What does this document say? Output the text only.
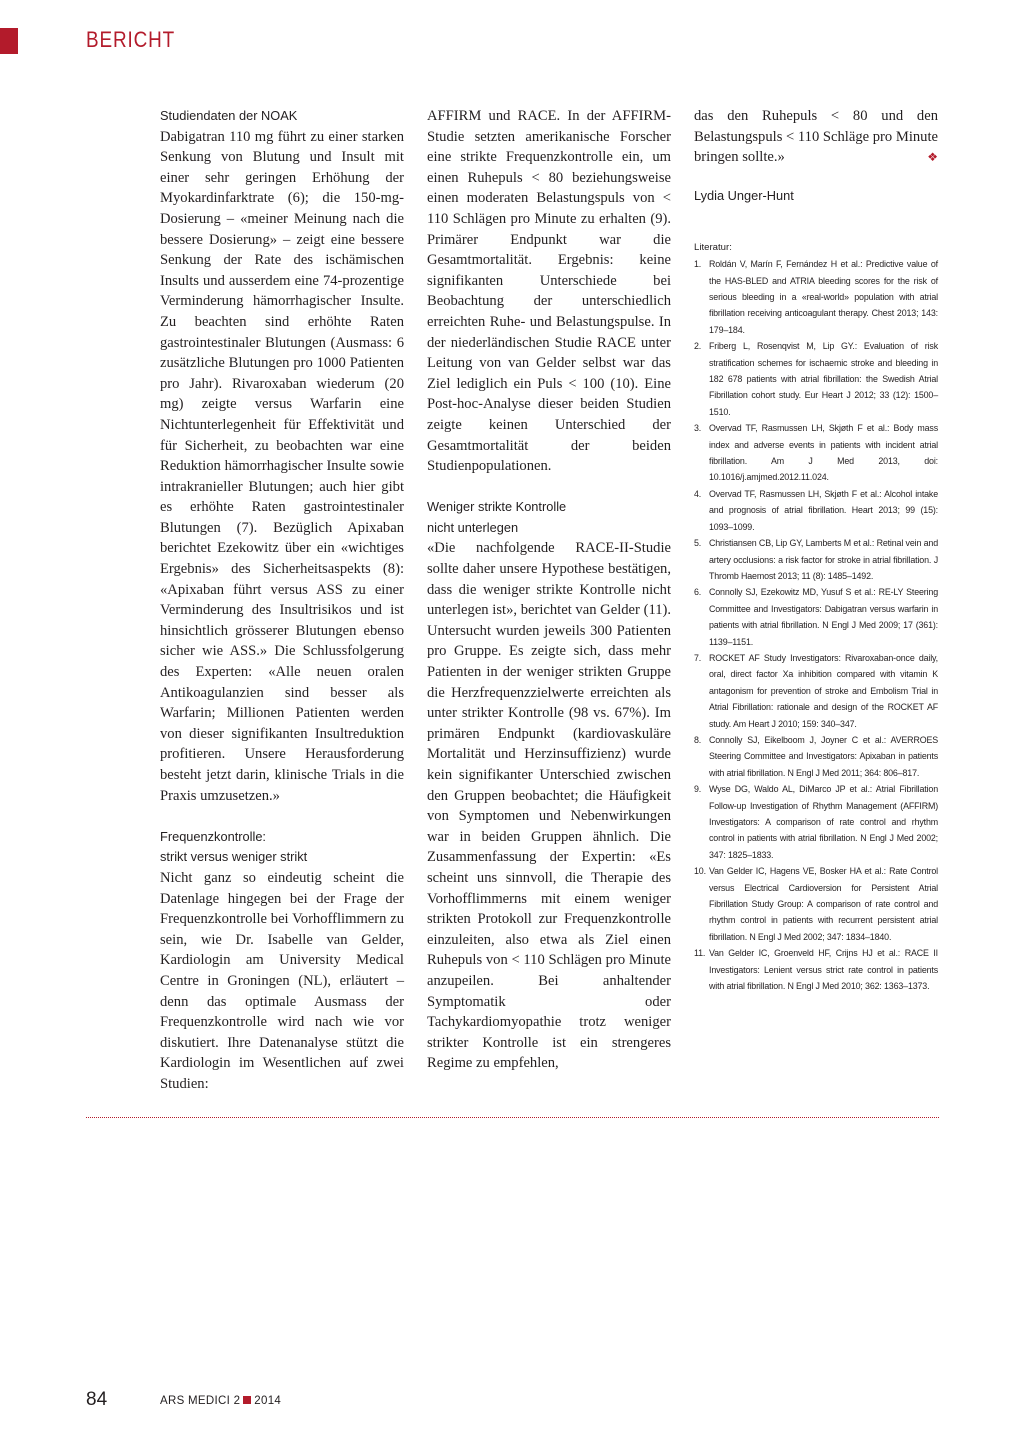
BERICHT

Studiendaten der NOAK

Dabigatran 110 mg führt zu einer starken Senkung von Blutung und Insult mit einer sehr geringen Erhöhung der Myokardinfarktrate (6); die 150-mg-Dosierung – «meiner Meinung nach die bessere Dosierung» – zeigt eine bessere Senkung der Rate des ischämischen Insults und ausserdem eine 74-prozentige Verminderung hämorrhagischer Insulte. Zu beachten sind erhöhte Raten gastrointestinaler Blutungen (Ausmass: 6 zusätzliche Blutungen pro 1000 Patienten pro Jahr). Rivaroxaban wiederum (20 mg) zeigte versus Warfarin eine Nichtunterlegenheit für Effektivität und für Sicherheit, zu beobachten war eine Reduktion hämorrhagischer Insulte sowie intrakranieller Blutungen; auch hier gibt es erhöhte Raten gastrointestinaler Blutungen (7). Bezüglich Apixaban berichtet Ezekowitz über ein «wichtiges Ergebnis» des Sicherheitsaspekts (8): «Apixaban führt versus ASS zu einer Verminderung des Insultrisikos und ist hinsichtlich grösserer Blutungen ebenso sicher wie ASS.» Die Schlussfolgerung des Experten: «Alle neuen oralen Antikoagulanzien sind besser als Warfarin; Millionen Patienten werden von dieser signifikanten Insultreduktion profitieren. Unsere Herausforderung besteht jetzt darin, klinische Trials in die Praxis umzusetzen.»

Frequenzkontrolle:

strikt versus weniger strikt

Nicht ganz so eindeutig scheint die Datenlage hingegen bei der Frage der Frequenzkontrolle bei Vorhofflimmern zu sein, wie Dr. Isabelle van Gelder, Kardiologin am University Medical Centre in Groningen (NL), erläutert – denn das optimale Ausmass der Frequenzkontrolle wird nach wie vor diskutiert. Ihre Datenanalyse stützt die Kardiologin im Wesentlichen auf zwei Studien:

AFFIRM und RACE. In der AFFIRM-Studie setzten amerikanische Forscher eine strikte Frequenzkontrolle ein, um einen Ruhepuls < 80 beziehungsweise einen moderaten Belastungspuls von < 110 Schlägen pro Minute zu erhalten (9). Primärer Endpunkt war die Gesamtmortalität. Ergebnis: keine signifikanten Unterschiede bei Beobachtung der unterschiedlich erreichten Ruhe- und Belastungspulse. In der niederländischen Studie RACE unter Leitung von van Gelder selbst war das Ziel lediglich ein Puls < 100 (10). Eine Post-hoc-Analyse dieser beiden Studien zeigte keinen Unterschied der Gesamtmortalität der beiden Studienpopulationen.

Weniger strikte Kontrolle

nicht unterlegen

«Die nachfolgende RACE-II-Studie sollte daher unsere Hypothese bestätigen, dass die weniger strikte Kontrolle nicht unterlegen ist», berichtet van Gelder (11). Untersucht wurden jeweils 300 Patienten pro Gruppe. Es zeigte sich, dass mehr Patienten in der weniger strikten Gruppe die Herzfrequenzzielwerte erreichten als unter strikter Kontrolle (98 vs. 67%). Im primären Endpunkt (kardiovaskuläre Mortalität und Herzinsuffizienz) wurde kein signifikanter Unterschied zwischen den Gruppen beobachtet; die Häufigkeit von Symptomen und Nebenwirkungen war in beiden Gruppen ähnlich. Die Zusammenfassung der Expertin: «Es scheint uns sinnvoll, die Therapie des Vorhofflimmerns mit einem weniger strikten Protokoll zur Frequenzkontrolle einzuleiten, also etwa als Ziel einen Ruhepuls von < 110 Schlägen pro Minute anzupeilen. Bei anhaltender Symptomatik oder Tachykardiomyopathie trotz weniger strikter Kontrolle ist ein strengeres Regime zu empfehlen,

das den Ruhepuls < 80 und den Belastungspuls < 110 Schläge pro Minute bringen sollte.»	❖

Lydia Unger-Hunt

Literatur:

1. Roldán V, Marín F, Fernández H et al.: Predictive value of the HAS-BLED and ATRIA bleeding scores for the risk of serious bleeding in a «real-world» population with atrial fibrillation receiving anticoagulant therapy. Chest 2013; 143: 179–184.
2. Friberg L, Rosenqvist M, Lip GY.: Evaluation of risk stratification schemes for ischaemic stroke and bleeding in 182 678 patients with atrial fibrillation: the Swedish Atrial Fibrillation cohort study. Eur Heart J 2012; 33 (12): 1500–1510.
3. Overvad TF, Rasmussen LH, Skjøth F et al.: Body mass index and adverse events in patients with incident atrial fibrillation. Am J Med 2013, doi: 10.1016/j.amjmed.2012.11.024.
4. Overvad TF, Rasmussen LH, Skjøth F et al.: Alcohol intake and prognosis of atrial fibrillation. Heart 2013; 99 (15): 1093–1099.
5. Christiansen CB, Lip GY, Lamberts M et al.: Retinal vein and artery occlusions: a risk factor for stroke in atrial fibrillation. J Thromb Haemost 2013; 11 (8): 1485–1492.
6. Connolly SJ, Ezekowitz MD, Yusuf S et al.: RE-LY Steering Committee and Investigators: Dabigatran versus warfarin in patients with atrial fibrillation. N Engl J Med 2009; 17 (361): 1139–1151.
7. ROCKET AF Study Investigators: Rivaroxaban-once daily, oral, direct factor Xa inhibition compared with vitamin K antagonism for prevention of stroke and Embolism Trial in Atrial Fibrillation: rationale and design of the ROCKET AF study. Am Heart J 2010; 159: 340–347.
8. Connolly SJ, Eikelboom J, Joyner C et al.: AVERROES Steering Committee and Investigators: Apixaban in patients with atrial fibrillation. N Engl J Med 2011; 364: 806–817.
9. Wyse DG, Waldo AL, DiMarco JP et al.: Atrial Fibrillation Follow-up Investigation of Rhythm Management (AFFIRM) Investigators: A comparison of rate control and rhythm control in patients with atrial fibrillation. N Engl J Med 2002; 347: 1825–1833.
10. Van Gelder IC, Hagens VE, Bosker HA et al.: Rate Control versus Electrical Cardioversion for Persistent Atrial Fibrillation Study Group: A comparison of rate control and rhythm control in patients with recurrent persistent atrial fibrillation. N Engl J Med 2002; 347: 1834–1840.
11. Van Gelder IC, Groenveld HF, Crijns HJ et al.: RACE II Investigators: Lenient versus strict rate control in patients with atrial fibrillation. N Engl J Med 2010; 362: 1363–1373.
84	ARS MEDICI 2 2014
